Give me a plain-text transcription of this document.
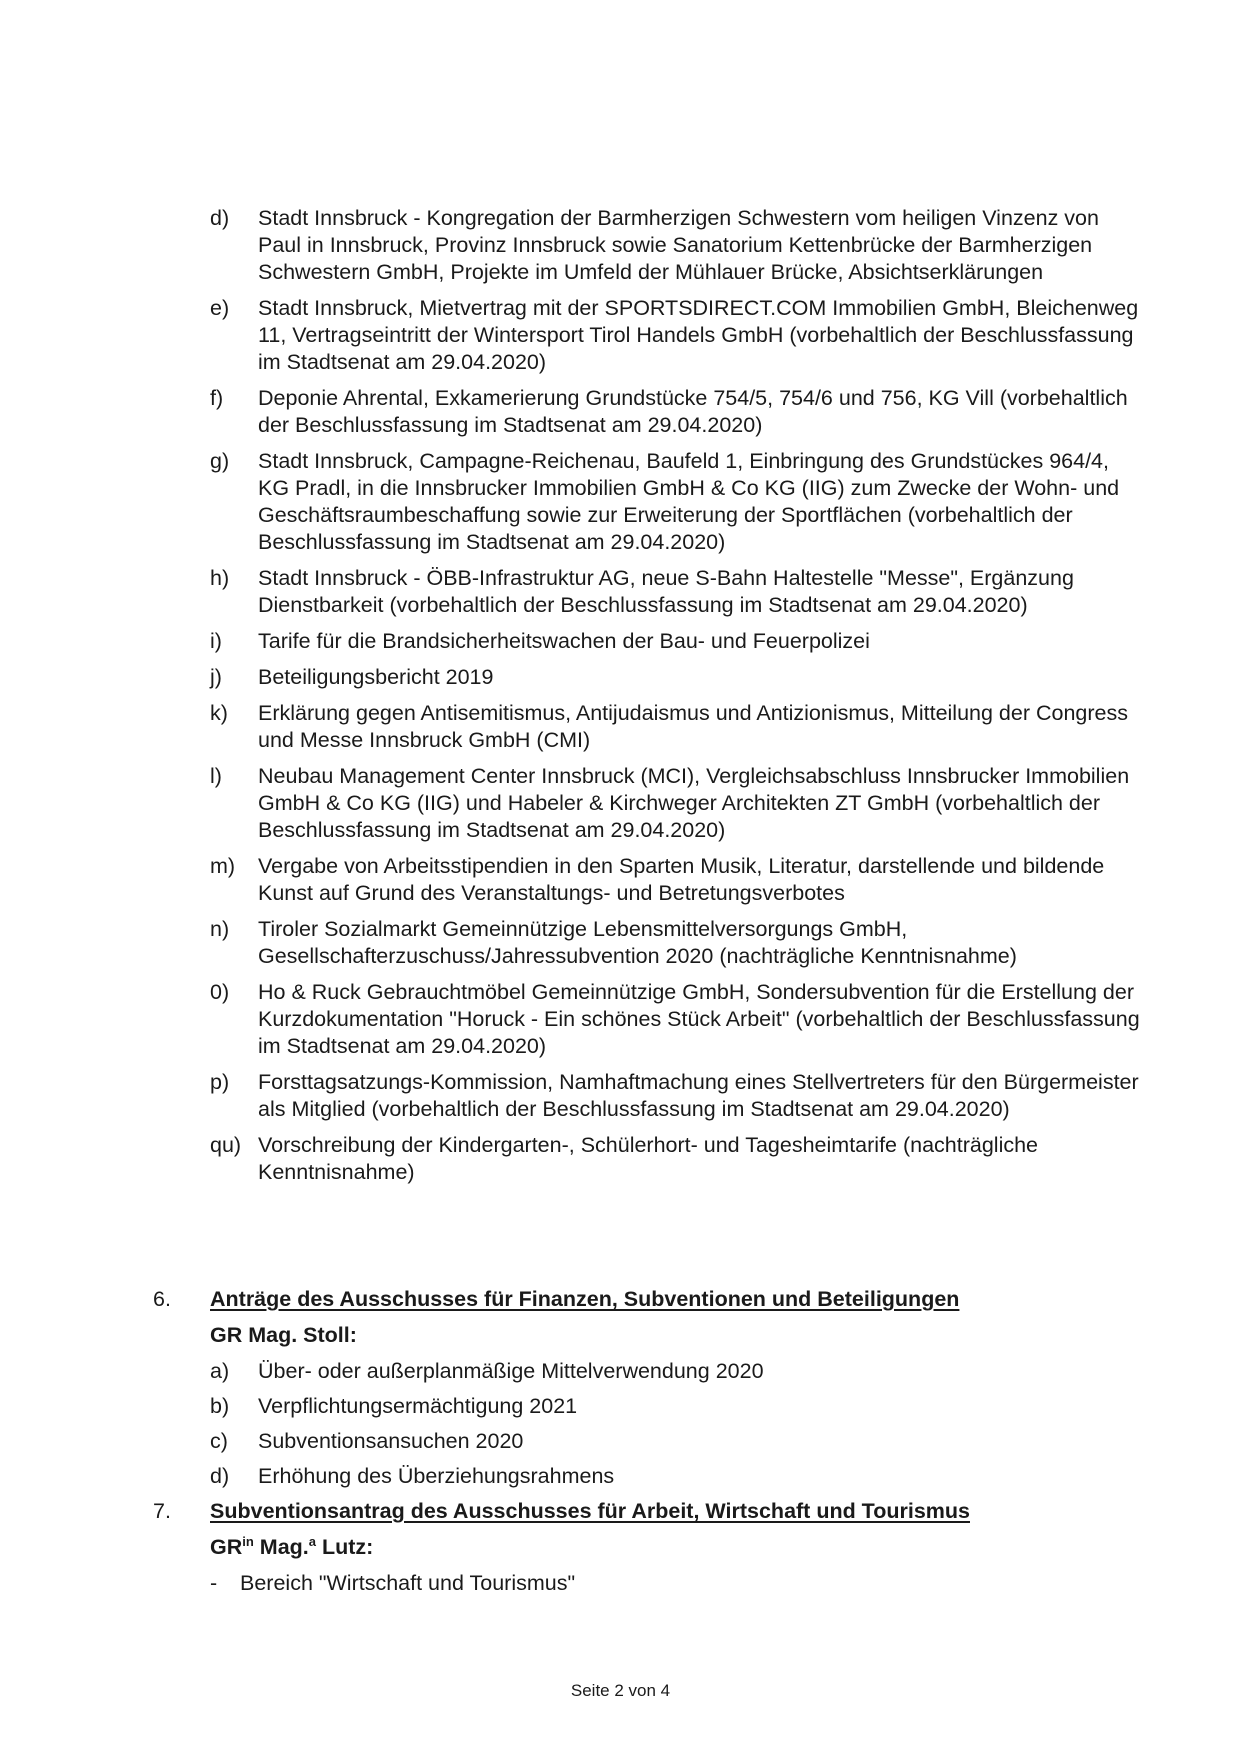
d)	Stadt Innsbruck - Kongregation der Barmherzigen Schwestern vom heiligen Vinzenz von Paul in Innsbruck, Provinz Innsbruck sowie Sanatorium Kettenbrücke der Barmherzigen Schwestern GmbH, Projekte im Umfeld der Mühlauer Brücke, Absichtserklärungen
e)	Stadt Innsbruck, Mietvertrag mit der SPORTSDIRECT.COM Immobilien GmbH, Bleichenweg 11, Vertragseintritt der Wintersport Tirol Handels GmbH (vorbehaltlich der Beschlussfassung im Stadtsenat am 29.04.2020)
f)	Deponie Ahrental, Exkamerierung Grundstücke 754/5, 754/6 und 756, KG Vill (vorbehaltlich der Beschlussfassung im Stadtsenat am 29.04.2020)
g)	Stadt Innsbruck, Campagne-Reichenau, Baufeld 1, Einbringung des Grundstückes 964/4, KG Pradl, in die Innsbrucker Immobilien GmbH & Co KG (IIG) zum Zwecke der Wohn- und Geschäftsraumbeschaffung sowie zur Erweiterung der Sportflächen (vorbehaltlich der Beschlussfassung im Stadtsenat am 29.04.2020)
h)	Stadt Innsbruck - ÖBB-Infrastruktur AG, neue S-Bahn Haltestelle "Messe", Ergänzung Dienstbarkeit (vorbehaltlich der Beschlussfassung im Stadtsenat am 29.04.2020)
i)	Tarife für die Brandsicherheitswachen der Bau- und Feuerpolizei
j)	Beteiligungsbericht 2019
k)	Erklärung gegen Antisemitismus, Antijudaismus und Antizionismus, Mitteilung der Congress und Messe Innsbruck GmbH (CMI)
l)	Neubau Management Center Innsbruck (MCI), Vergleichsabschluss Innsbrucker Immobilien GmbH & Co KG (IIG) und Habeler & Kirchweger Architekten ZT GmbH (vorbehaltlich der Beschlussfassung im Stadtsenat am 29.04.2020)
m)	Vergabe von Arbeitsstipendien in den Sparten Musik, Literatur, darstellende und bildende Kunst auf Grund des Veranstaltungs- und Betretungsverbotes
n)	Tiroler Sozialmarkt Gemeinnützige Lebensmittelversorgungs GmbH, Gesellschafterzuschuss/Jahressubvention 2020 (nachträgliche Kenntnisnahme)
0)	Ho & Ruck Gebrauchtmöbel Gemeinnützige GmbH, Sondersubvention für die Erstellung der Kurzdokumentation "Horuck - Ein schönes Stück Arbeit" (vorbehaltlich der Beschlussfassung im Stadtsenat am 29.04.2020)
p)	Forsttagsatzungs-Kommission, Namhaftmachung eines Stellvertreters für den Bürgermeister als Mitglied (vorbehaltlich der Beschlussfassung im Stadtsenat am 29.04.2020)
qu) Vorschreibung der Kindergarten-, Schülerhort- und Tagesheimtarife (nachträgliche Kenntnisnahme)
6. Anträge des Ausschusses für Finanzen, Subventionen und Beteiligungen
GR Mag. Stoll:
a)	Über- oder außerplanmäßige Mittelverwendung 2020
b)	Verpflichtungsermächtigung 2021
c)	Subventionsansuchen 2020
d)	Erhöhung des Überziehungsrahmens
7. Subventionsantrag des Ausschusses für Arbeit, Wirtschaft und Tourismus
$GR^{in}$ Mag.$^a$ Lutz:
- Bereich "Wirtschaft und Tourismus"
Seite 2 von 4
